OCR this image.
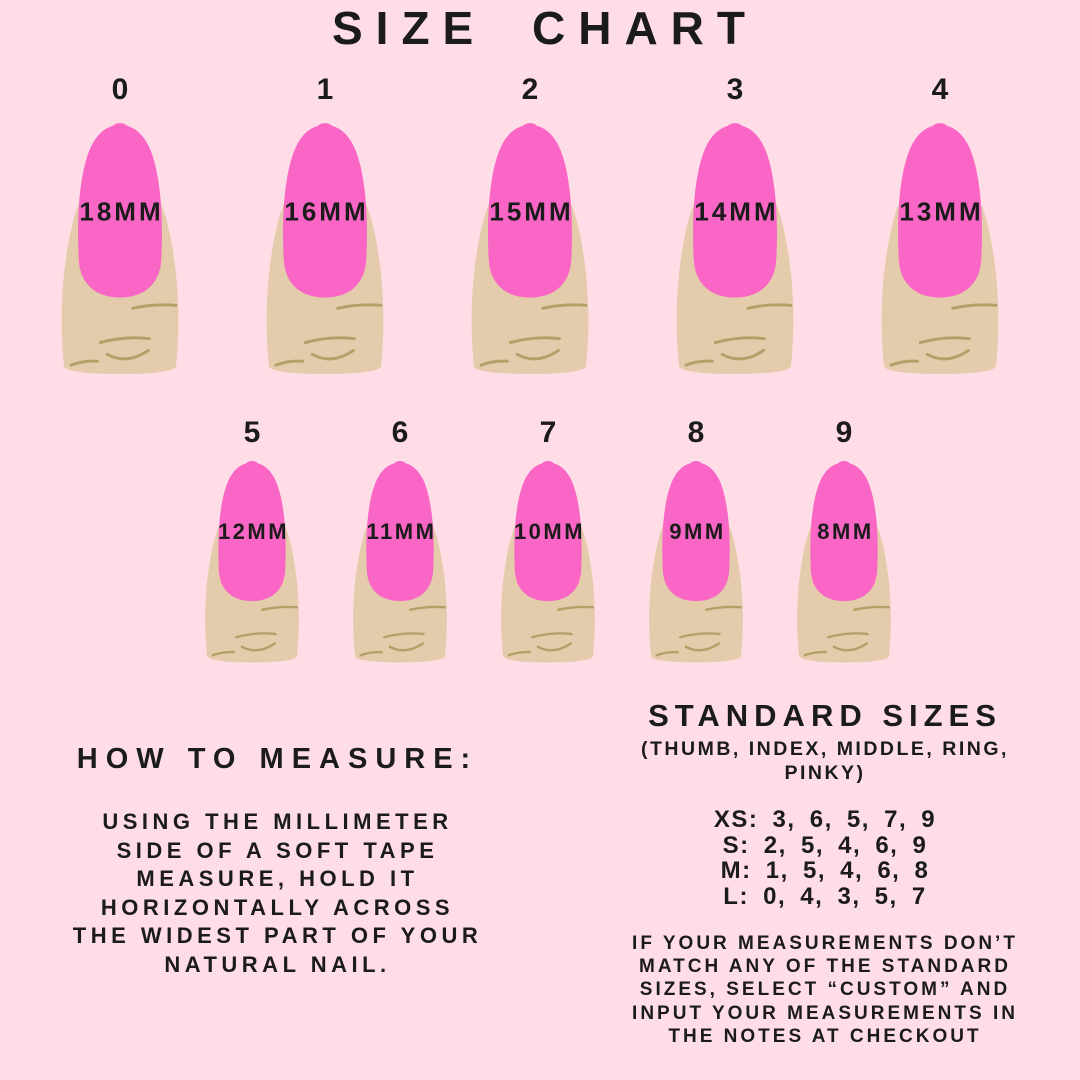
SIZE CHART
0
18MM
1
16MM
2
15MM
3
14MM
4
13MM
5
12MM
6
11MM
7
10MM
8
9MM
9
8MM
HOW TO MEASURE:

USING THE MILLIMETER
SIDE OF A SOFT TAPE
MEASURE, HOLD IT
HORIZONTALLY ACROSS
THE WIDEST PART OF YOUR
NATURAL NAIL.

STANDARD SIZES
(THUMB, INDEX, MIDDLE, RING,
PINKY)
XS: 3, 6, 5, 7, 9
S: 2, 5, 4, 6, 9
M: 1, 5, 4, 6, 8
L: 0, 4, 3, 5, 7
IF YOUR MEASUREMENTS DON’T
MATCH ANY OF THE STANDARD
SIZES, SELECT “CUSTOM” AND
INPUT YOUR MEASUREMENTS IN
THE NOTES AT CHECKOUT
